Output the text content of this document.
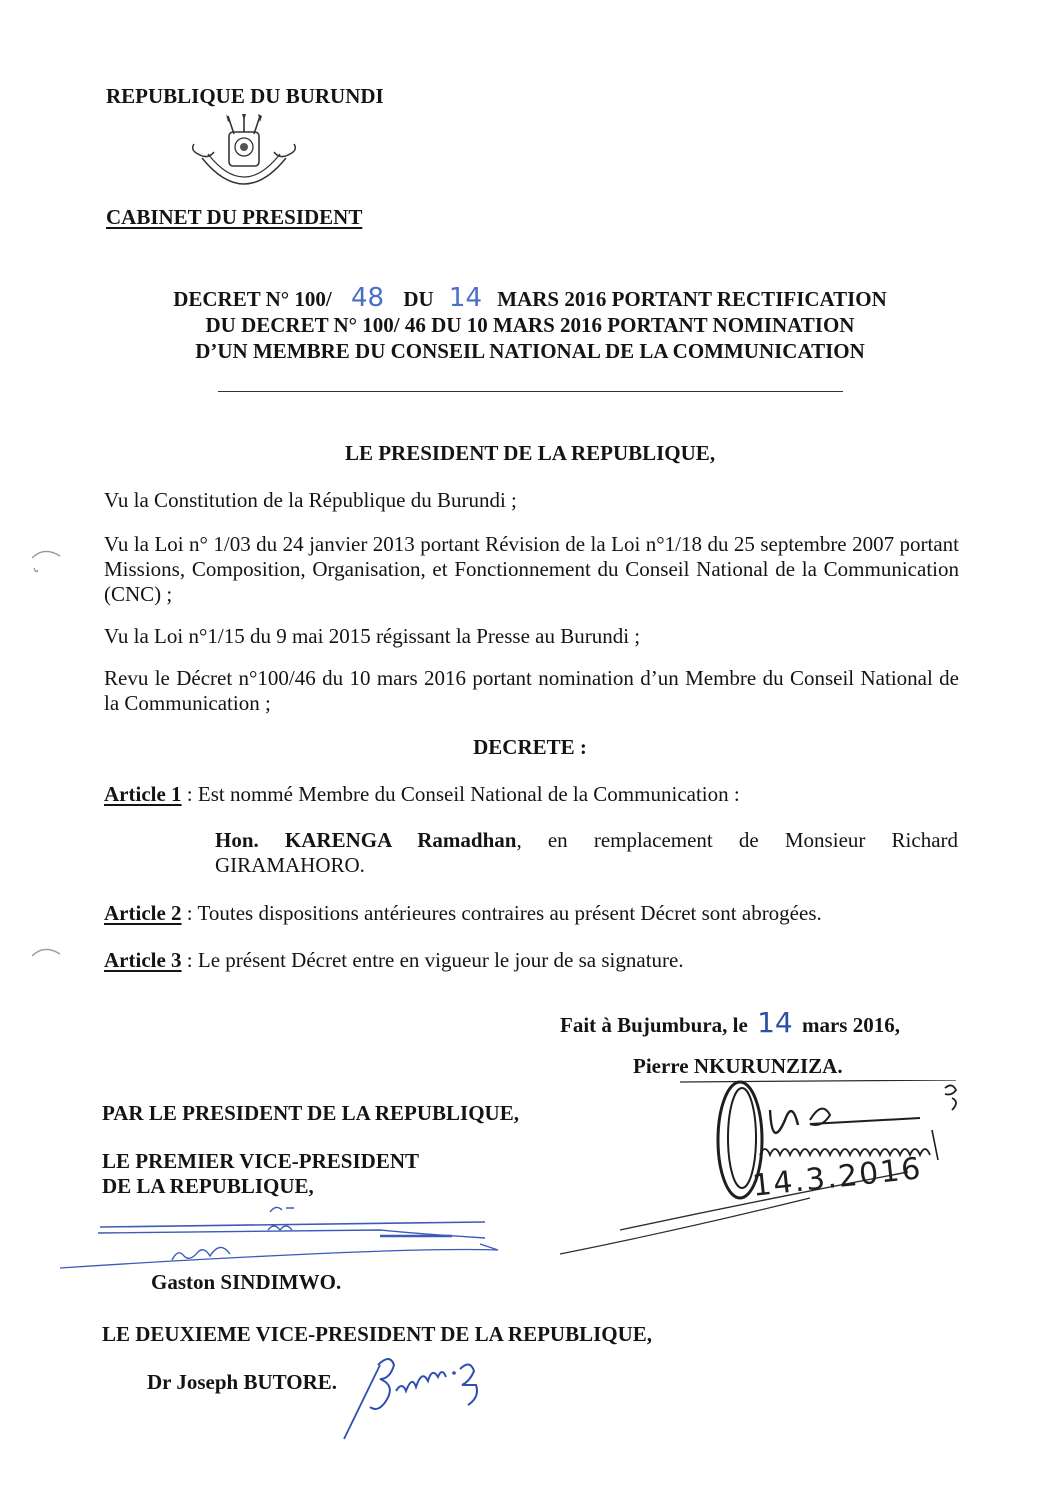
REPUBLIQUE DU BURUNDI

CABINET DU PRESIDENT

DECRET N° 100/ 48 DU 14 MARS 2016 PORTANT RECTIFICATION
DU DECRET N° 100/ 46 DU 10 MARS 2016 PORTANT NOMINATION
D’UN MEMBRE DU CONSEIL NATIONAL DE LA COMMUNICATION

LE PRESIDENT DE LA REPUBLIQUE,

Vu la Constitution de la République du Burundi ;

Vu la Loi n° 1/03 du 24 janvier 2013 portant Révision de la Loi n°1/18 du 25 septembre 2007 portant Missions, Composition, Organisation, et Fonctionnement du Conseil National de la Communication (CNC) ;

Vu la Loi n°1/15 du 9 mai 2015 régissant la Presse au Burundi ;

Revu le Décret n°100/46 du 10 mars 2016 portant nomination d’un Membre du Conseil National de la Communication ;

DECRETE :

Article 1 : Est nommé Membre du Conseil National de la Communication :

Hon. KARENGA Ramadhan, en remplacement de Monsieur Richard GIRAMAHORO.

Article 2 : Toutes dispositions antérieures contraires au présent Décret sont abrogées.

Article 3 : Le présent Décret entre en vigueur le jour de sa signature.

Fait à Bujumbura, le 14 mars 2016,

Pierre NKURUNZIZA.

14.3.2016

PAR LE PRESIDENT DE LA REPUBLIQUE,

LE PREMIER VICE-PRESIDENT

DE LA REPUBLIQUE,

Gaston SINDIMWO.

LE DEUXIEME VICE-PRESIDENT DE LA REPUBLIQUE,

Dr Joseph BUTORE.
